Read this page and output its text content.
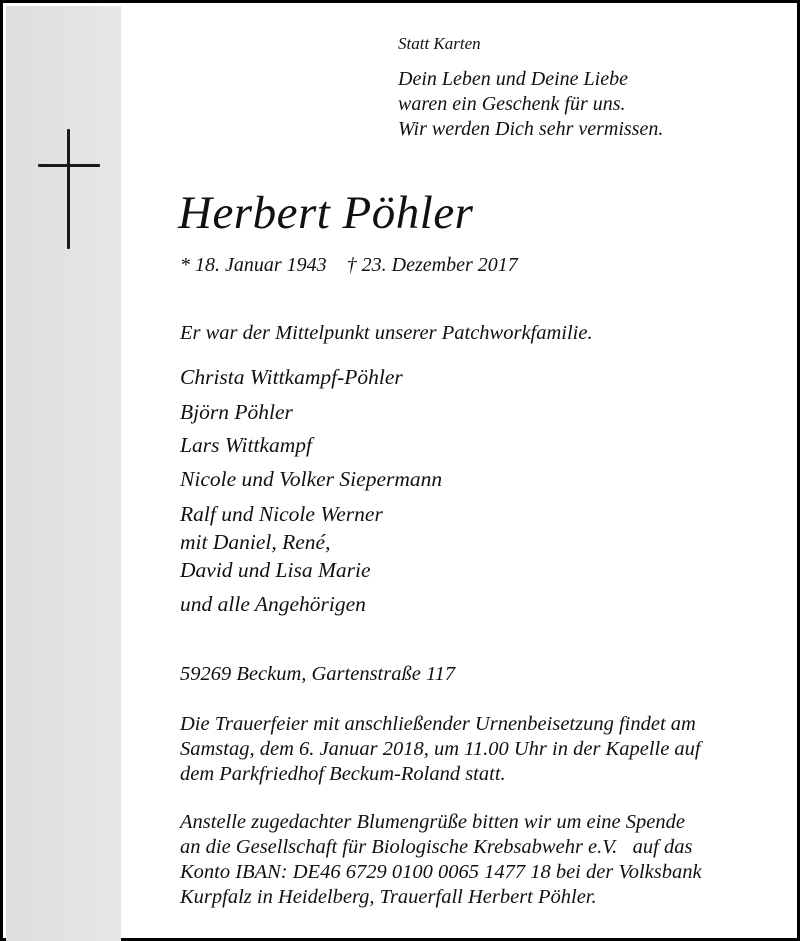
Statt Karten

Dein Leben und Deine Liebe

waren ein Geschenk für uns.

Wir werden Dich sehr vermissen.

Herbert Pöhler

* 18. Januar 1943    † 23. Dezember 2017

Er war der Mittelpunkt unserer Patchworkfamilie.

Christa Wittkampf-Pöhler

Björn Pöhler

Lars Wittkampf

Nicole und Volker Siepermann

Ralf und Nicole Werner

mit Daniel, René,

David und Lisa Marie

und alle Angehörigen

59269 Beckum, Gartenstraße 117

Die Trauerfeier mit anschließender Urnenbeisetzung findet am

Samstag, dem 6. Januar 2018, um 11.00 Uhr in der Kapelle auf

dem Parkfriedhof Beckum-Roland statt.

Anstelle zugedachter Blumengrüße bitten wir um eine Spende

an die Gesellschaft für Biologische Krebsabwehr e.V.   auf das

Konto IBAN: DE46 6729 0100 0065 1477 18 bei der Volksbank

Kurpfalz in Heidelberg, Trauerfall Herbert Pöhler.
